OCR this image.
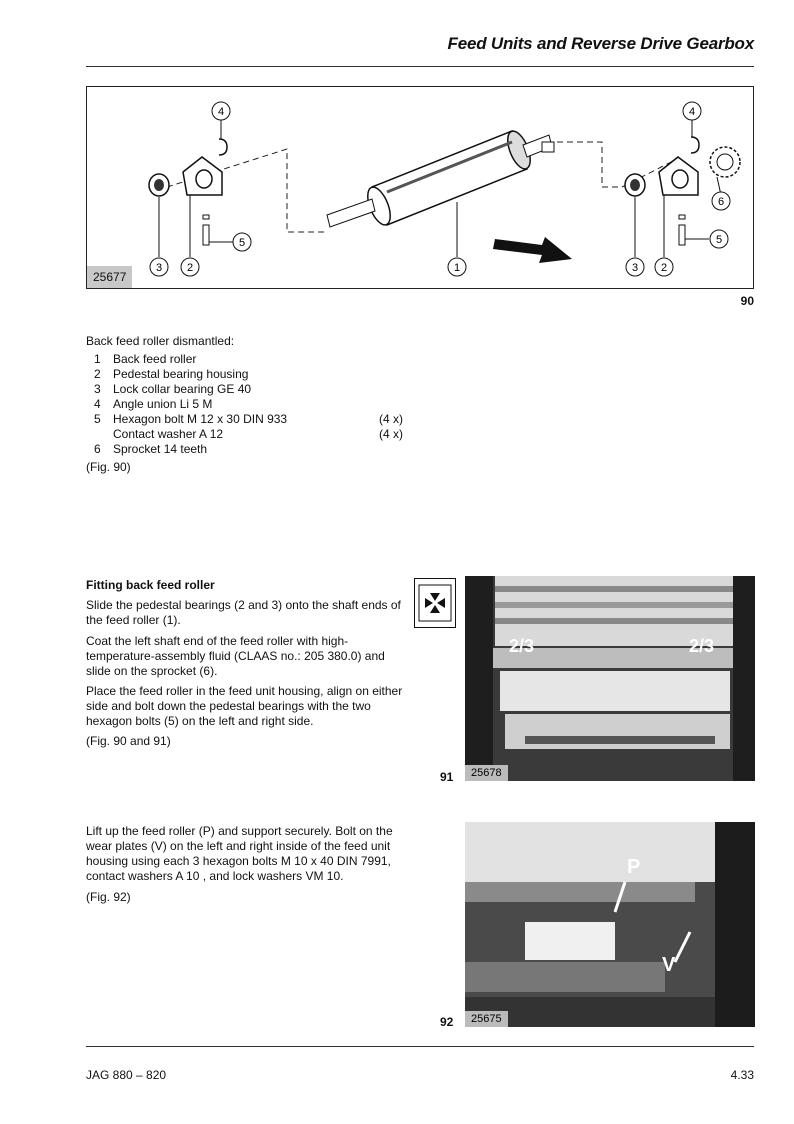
Feed Units and Reverse Drive Gearbox
4
5
3 2	1
4
6
5
3 2
25677
90
Back feed roller dismantled:
1	Back feed roller
2	Pedestal bearing housing
3	Lock collar bearing GE 40
4	Angle union Li 5 M
5	Hexagon bolt M 12 x 30 DIN 933	(4 x)
Contact washer A 12	(4 x)
6	Sprocket 14 teeth
(Fig. 90)
Fitting back feed roller
Slide the pedestal bearings (2 and 3) onto the shaft ends of the feed roller (1).
Coat the left shaft end of the feed roller with high-temperature-assembly fluid (CLAAS no.: 205 380.0) and slide on the sprocket (6).
Place the feed roller in the feed unit housing, align on either side and bolt down the pedestal bearings with the two hexagon bolts (5) on the left and right side.
(Fig. 90 and 91)
2/3	2/3
25678
91
Lift up the feed roller (P) and support securely. Bolt on the wear plates (V) on the left and right inside of the feed unit housing using each 3 hexagon bolts M 10 x 40 DIN 7991, contact washers A 10 , and lock washers VM 10.
(Fig. 92)
P
V
25675
92
JAG 880 – 820	4.33
